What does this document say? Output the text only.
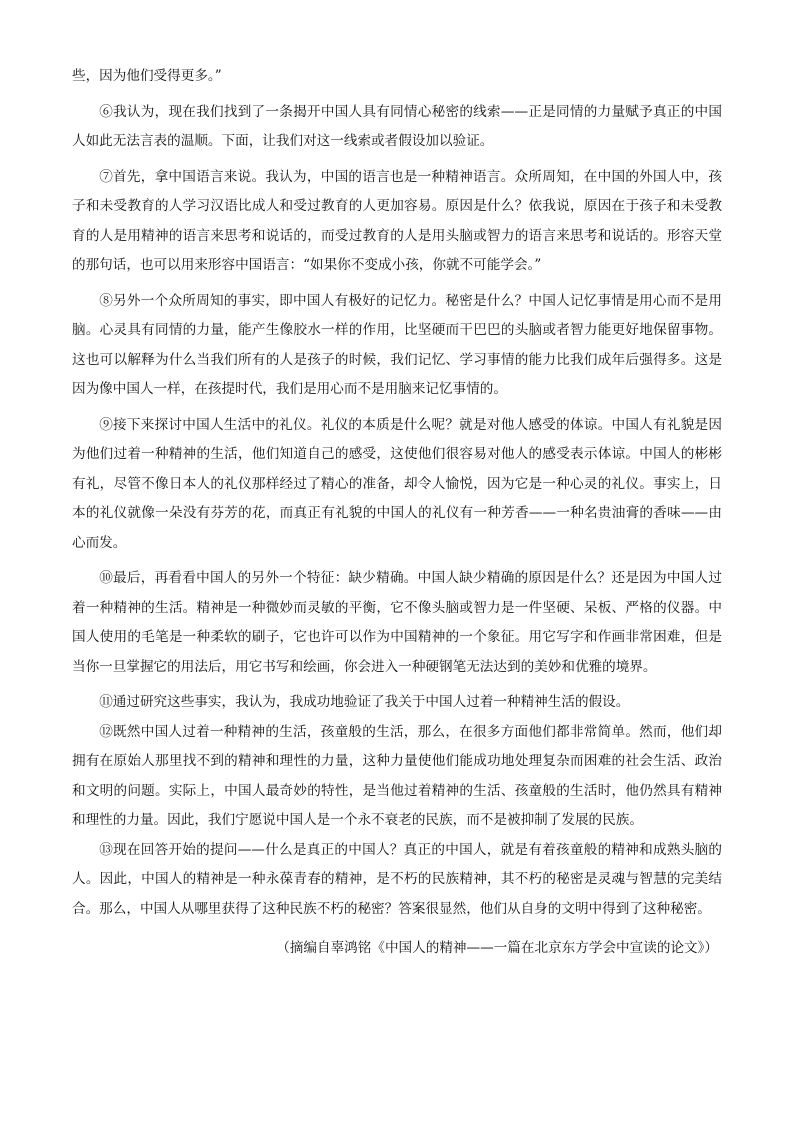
些，因为他们受得更多。”

⑥我认为，现在我们找到了一条揭开中国人具有同情心秘密的线索——正是同情的力量赋予真正的中国人如此无法言表的温顺。下面，让我们对这一线索或者假设加以验证。

⑦首先，拿中国语言来说。我认为，中国的语言也是一种精神语言。众所周知，在中国的外国人中，孩子和未受教育的人学习汉语比成人和受过教育的人更加容易。原因是什么？依我说，原因在于孩子和未受教育的人是用精神的语言来思考和说话的，而受过教育的人是用头脑或智力的语言来思考和说话的。形容天堂的那句话，也可以用来形容中国语言：“如果你不变成小孩，你就不可能学会。”

⑧另外一个众所周知的事实，即中国人有极好的记忆力。秘密是什么？中国人记忆事情是用心而不是用脑。心灵具有同情的力量，能产生像胶水一样的作用，比坚硬而干巴巴的头脑或者智力能更好地保留事物。这也可以解释为什么当我们所有的人是孩子的时候，我们记忆、学习事情的能力比我们成年后强得多。这是因为像中国人一样，在孩提时代，我们是用心而不是用脑来记忆事情的。

⑨接下来探讨中国人生活中的礼仪。礼仪的本质是什么呢？就是对他人感受的体谅。中国人有礼貌是因为他们过着一种精神的生活，他们知道自己的感受，这使他们很容易对他人的感受表示体谅。中国人的彬彬有礼，尽管不像日本人的礼仪那样经过了精心的准备，却令人愉悦，因为它是一种心灵的礼仪。事实上，日本的礼仪就像一朵没有芬芳的花，而真正有礼貌的中国人的礼仪有一种芳香——一种名贵油膏的香味——由心而发。

⑩最后，再看看中国人的另外一个特征：缺少精确。中国人缺少精确的原因是什么？还是因为中国人过着一种精神的生活。精神是一种微妙而灵敏的平衡，它不像头脑或智力是一件坚硬、呆板、严格的仪器。中国人使用的毛笔是一种柔软的刷子，它也许可以作为中国精神的一个象征。用它写字和作画非常困难，但是当你一旦掌握它的用法后，用它书写和绘画，你会进入一种硬钢笔无法达到的美妙和优雅的境界。

⑪通过研究这些事实，我认为，我成功地验证了我关于中国人过着一种精神生活的假设。

⑫既然中国人过着一种精神的生活，孩童般的生活，那么，在很多方面他们都非常简单。然而，他们却拥有在原始人那里找不到的精神和理性的力量，这种力量使他们能成功地处理复杂而困难的社会生活、政治和文明的问题。实际上，中国人最奇妙的特性，是当他过着精神的生活、孩童般的生活时，他仍然具有精神和理性的力量。因此，我们宁愿说中国人是一个永不衰老的民族，而不是被抑制了发展的民族。

⑬现在回答开始的提问——什么是真正的中国人？真正的中国人，就是有着孩童般的精神和成熟头脑的人。因此，中国人的精神是一种永葆青春的精神，是不朽的民族精神，其不朽的秘密是灵魂与智慧的完美结合。那么，中国人从哪里获得了这种民族不朽的秘密？答案很显然，他们从自身的文明中得到了这种秘密。

（摘编自辜鸿铭《中国人的精神——一篇在北京东方学会中宣读的论文》）
